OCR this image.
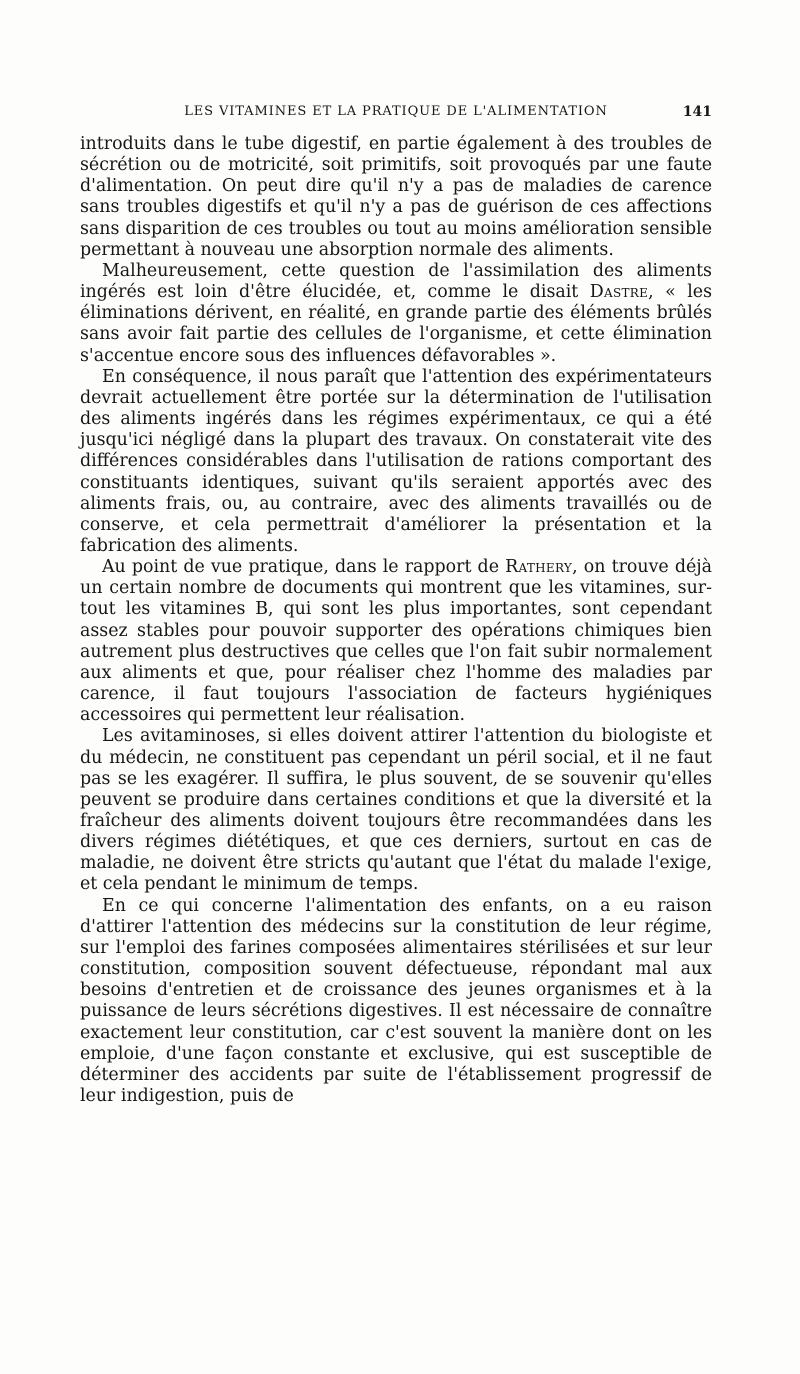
LES VITAMINES ET LA PRATIQUE DE L'ALIMENTATION	141

introduits dans le tube digestif, en partie également à des troubles de sécrétion ou de motricité, soit primitifs, soit provoqués par une faute d'alimentation. On peut dire qu'il n'y a pas de maladies de carence sans troubles digestifs et qu'il n'y a pas de guérison de ces affections sans disparition de ces troubles ou tout au moins amélioration sensible permettant à nouveau une absorption normale des aliments.

Malheureusement, cette question de l'assimilation des aliments ingérés est loin d'être élucidée, et, comme le disait Dastre, « les éliminations dérivent, en réalité, en grande partie des éléments brûlés sans avoir fait partie des cellules de l'organisme, et cette élimination s'accentue encore sous des influences défavorables ».

En conséquence, il nous paraît que l'attention des expérimentateurs devrait actuellement être portée sur la détermination de l'utilisation des aliments ingérés dans les régimes expérimentaux, ce qui a été jusqu'ici négligé dans la plupart des travaux. On constaterait vite des différences considérables dans l'utilisation de rations comportant des constituants identiques, suivant qu'ils seraient apportés avec des aliments frais, ou, au contraire, avec des aliments travaillés ou de conserve, et cela permettrait d'améliorer la présentation et la fabrication des aliments.

Au point de vue pratique, dans le rapport de Rathery, on trouve déjà un certain nombre de documents qui montrent que les vitamines, surtout les vitamines B, qui sont les plus importantes, sont cependant assez stables pour pouvoir supporter des opérations chimiques bien autrement plus destructives que celles que l'on fait subir normalement aux aliments et que, pour réaliser chez l'homme des maladies par carence, il faut toujours l'association de facteurs hygiéniques accessoires qui permettent leur réalisation.

Les avitaminoses, si elles doivent attirer l'attention du biologiste et du médecin, ne constituent pas cependant un péril social, et il ne faut pas se les exagérer. Il suffira, le plus souvent, de se souvenir qu'elles peuvent se produire dans certaines conditions et que la diversité et la fraîcheur des aliments doivent toujours être recommandées dans les divers régimes diététiques, et que ces derniers, surtout en cas de maladie, ne doivent être stricts qu'autant que l'état du malade l'exige, et cela pendant le minimum de temps.

En ce qui concerne l'alimentation des enfants, on a eu raison d'attirer l'attention des médecins sur la constitution de leur régime, sur l'emploi des farines composées alimentaires stérilisées et sur leur constitution, composition souvent défectueuse, répondant mal aux besoins d'entretien et de croissance des jeunes organismes et à la puissance de leurs sécrétions digestives. Il est nécessaire de connaître exactement leur constitution, car c'est souvent la manière dont on les emploie, d'une façon constante et exclusive, qui est susceptible de déterminer des accidents par suite de l'établissement progressif de leur indigestion, puis de
